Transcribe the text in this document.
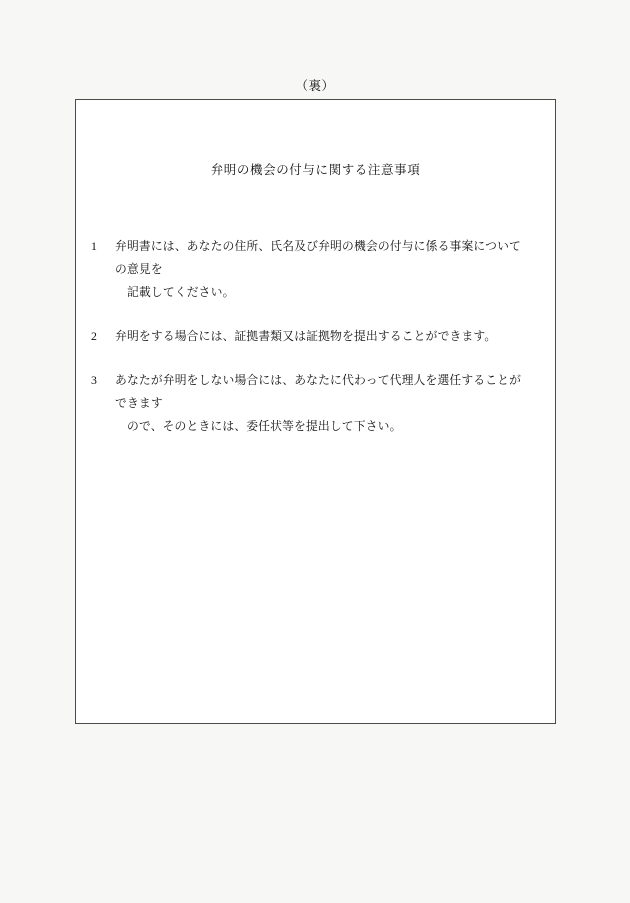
（裏）
弁明の機会の付与に関する注意事項
1	弁明書には、あなたの住所、氏名及び弁明の機会の付与に係る事案についての意見を
記載してください。
2	弁明をする場合には、証拠書類又は証拠物を提出することができます。
3	あなたが弁明をしない場合には、あなたに代わって代理人を選任することができます
ので、そのときには、委任状等を提出して下さい。
